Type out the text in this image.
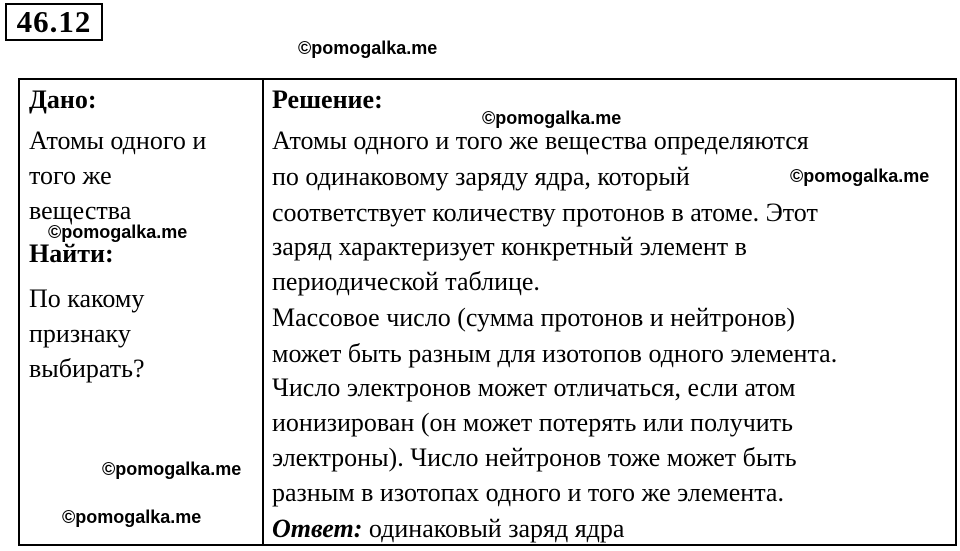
46.12
©pomogalka.me
©pomogalka.me
©pomogalka.me
©pomogalka.me
©pomogalka.me
©pomogalka.me
Дано:
Атомы одного и
того же
вещества
Найти:
По какому
признаку
выбирать?
Решение:
Атомы одного и того же вещества определяются
по одинаковому заряду ядра, который
соответствует количеству протонов в атоме. Этот
заряд характеризует конкретный элемент в
периодической таблице.
Массовое число (сумма протонов и нейтронов)
может быть разным для изотопов одного элемента.
Число электронов может отличаться, если атом
ионизирован (он может потерять или получить
электроны). Число нейтронов тоже может быть
разным в изотопах одного и того же элемента.
Ответ: одинаковый заряд ядра
